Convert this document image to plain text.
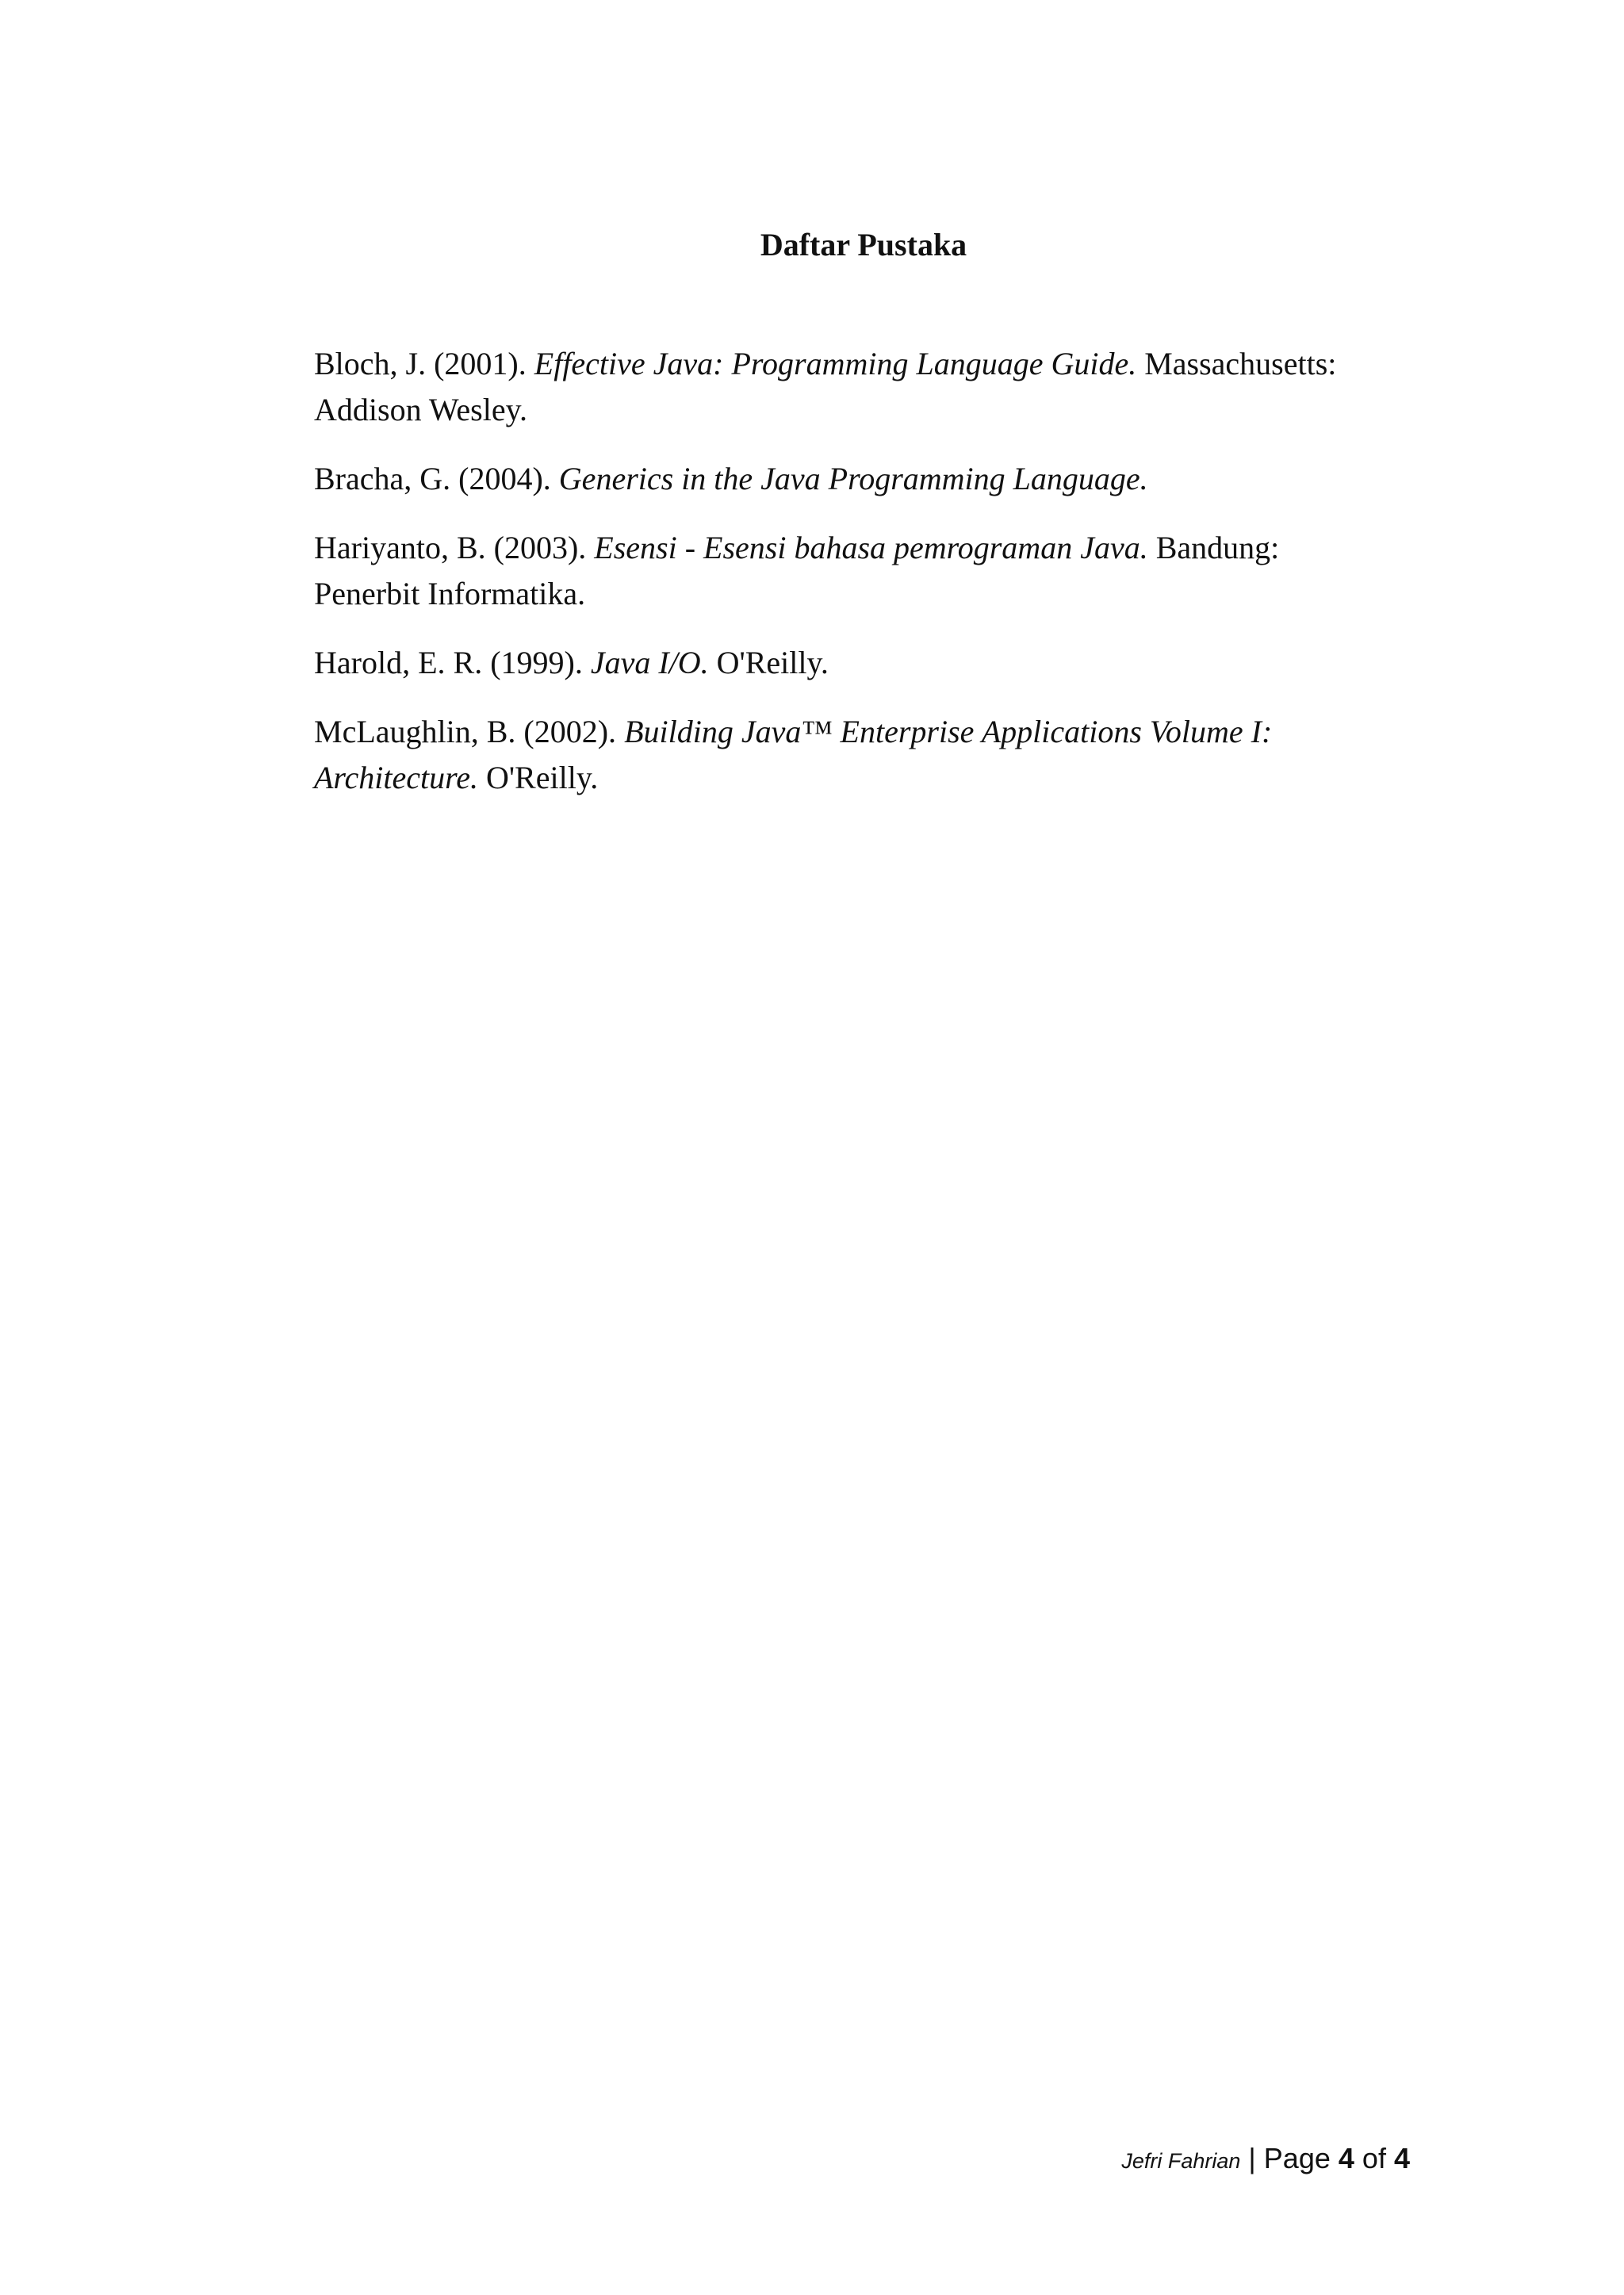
Daftar Pustaka

Bloch, J. (2001). Effective Java: Programming Language Guide. Massachusetts: Addison Wesley.

Bracha, G. (2004). Generics in the Java Programming Language.

Hariyanto, B. (2003). Esensi - Esensi bahasa pemrograman Java. Bandung: Penerbit Informatika.

Harold, E. R. (1999). Java I/O. O'Reilly.

McLaughlin, B. (2002). Building Java™ Enterprise Applications Volume I: Architecture. O'Reilly.

Jefri Fahrian | Page 4 of 4
